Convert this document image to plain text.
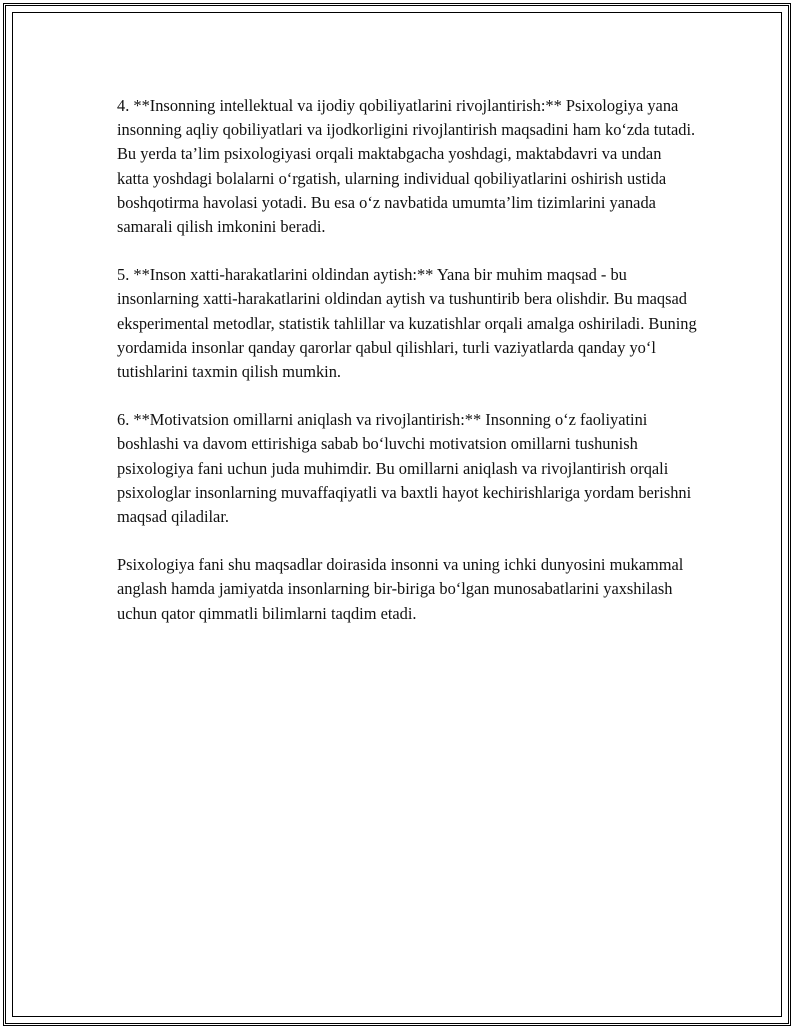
4. **Insonning intellektual va ijodiy qobiliyatlarini rivojlantirish:** Psixologiya yana insonning aqliy qobiliyatlari va ijodkorligini rivojlantirish maqsadini ham ko‘zda tutadi. Bu yerda ta’lim psixologiyasi orqali maktabgacha yoshdagi, maktabdavri va undan katta yoshdagi bolalarni o‘rgatish, ularning individual qobiliyatlarini oshirish ustida boshqotirma havolasi yotadi. Bu esa o‘z navbatida umumta’lim tizimlarini yanada samarali qilish imkonini beradi.

5. **Inson xatti-harakatlarini oldindan aytish:** Yana bir muhim maqsad - bu insonlarning xatti-harakatlarini oldindan aytish va tushuntirib bera olishdir. Bu maqsad eksperimental metodlar, statistik tahlillar va kuzatishlar orqali amalga oshiriladi. Buning yordamida insonlar qanday qarorlar qabul qilishlari, turli vaziyatlarda qanday yo‘l tutishlarini taxmin qilish mumkin.

6. **Motivatsion omillarni aniqlash va rivojlantirish:** Insonning o‘z faoliyatini boshlashi va davom ettirishiga sabab bo‘luvchi motivatsion omillarni tushunish psixologiya fani uchun juda muhimdir. Bu omillarni aniqlash va rivojlantirish orqali psixologlar insonlarning muvaffaqiyatli va baxtli hayot kechirishlariga yordam berishni maqsad qiladilar.

Psixologiya fani shu maqsadlar doirasida insonni va uning ichki dunyosini mukammal anglash hamda jamiyatda insonlarning bir-biriga bo‘lgan munosabatlarini yaxshilash uchun qator qimmatli bilimlarni taqdim etadi.
